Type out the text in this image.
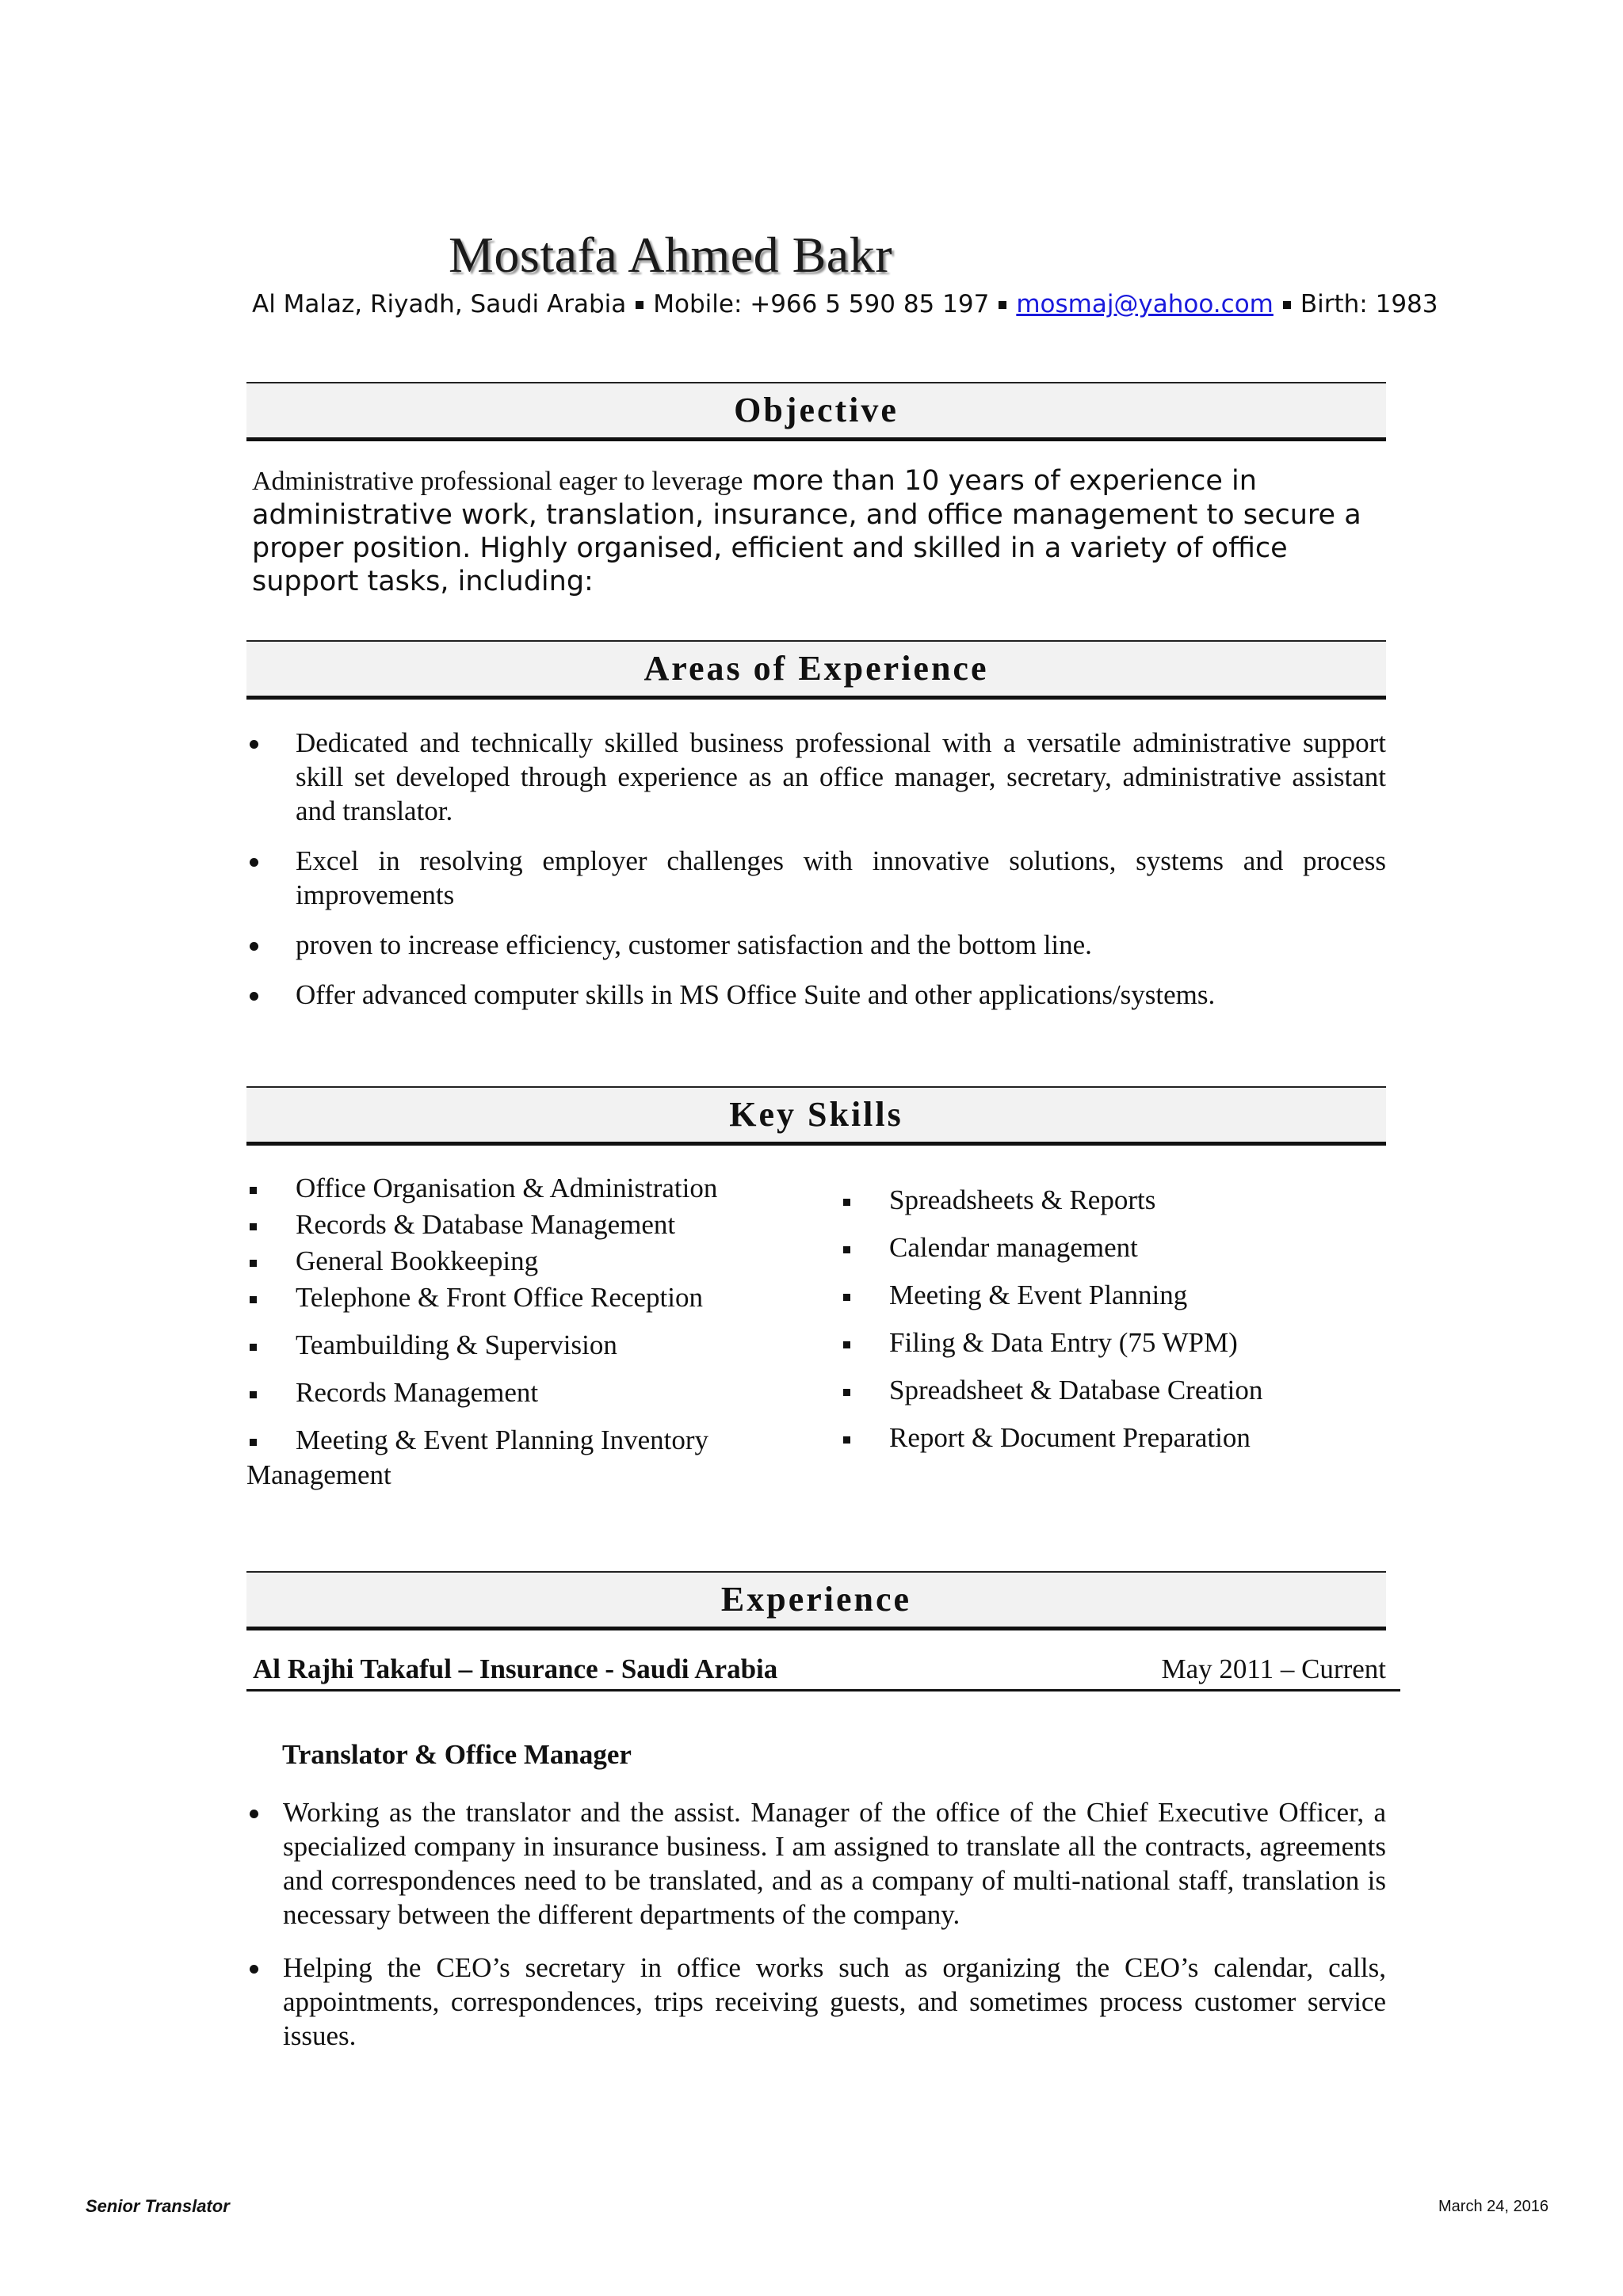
Mostafa Ahmed Bakr
Al Malaz, Riyadh, Saudi Arabia Mobile: +966 5 590 85 197 mosmaj@yahoo.com Birth: 1983
Objective
Administrative professional eager to leverage more than 10 years of experience in administrative work, translation, insurance, and office management to secure a proper position. Highly organised, efficient and skilled in a variety of office support tasks, including:
Areas of Experience
Dedicated and technically skilled business professional with a versatile administrative support skill set developed through experience as an office manager, secretary, administrative assistant and translator.
Excel in resolving employer challenges with innovative solutions, systems and process improvements
proven to increase efficiency, customer satisfaction and the bottom line.
Offer advanced computer skills in MS Office Suite and other applications/systems.
Key Skills
Office Organisation & Administration
Records & Database Management
General Bookkeeping
Telephone & Front Office Reception
Teambuilding & Supervision
Records Management
Meeting & Event Planning Inventory
Management
Spreadsheets & Reports
Calendar management
Meeting & Event Planning
Filing & Data Entry (75 WPM)
Spreadsheet & Database Creation
Report & Document Preparation
Experience
Al Rajhi Takaful – Insurance - Saudi Arabia	May 2011 – Current
Translator & Office Manager
Working as the translator and the assist. Manager of the office of the Chief Executive Officer, a specialized company in insurance business. I am assigned to translate all the contracts, agreements and correspondences need to be translated, and as a company of multi-national staff, translation is necessary between the different departments of the company.
Helping the CEO’s secretary in office works such as organizing the CEO’s calendar, calls, appointments, correspondences, trips receiving guests, and sometimes process customer service issues.
Senior Translator	March 24, 2016
